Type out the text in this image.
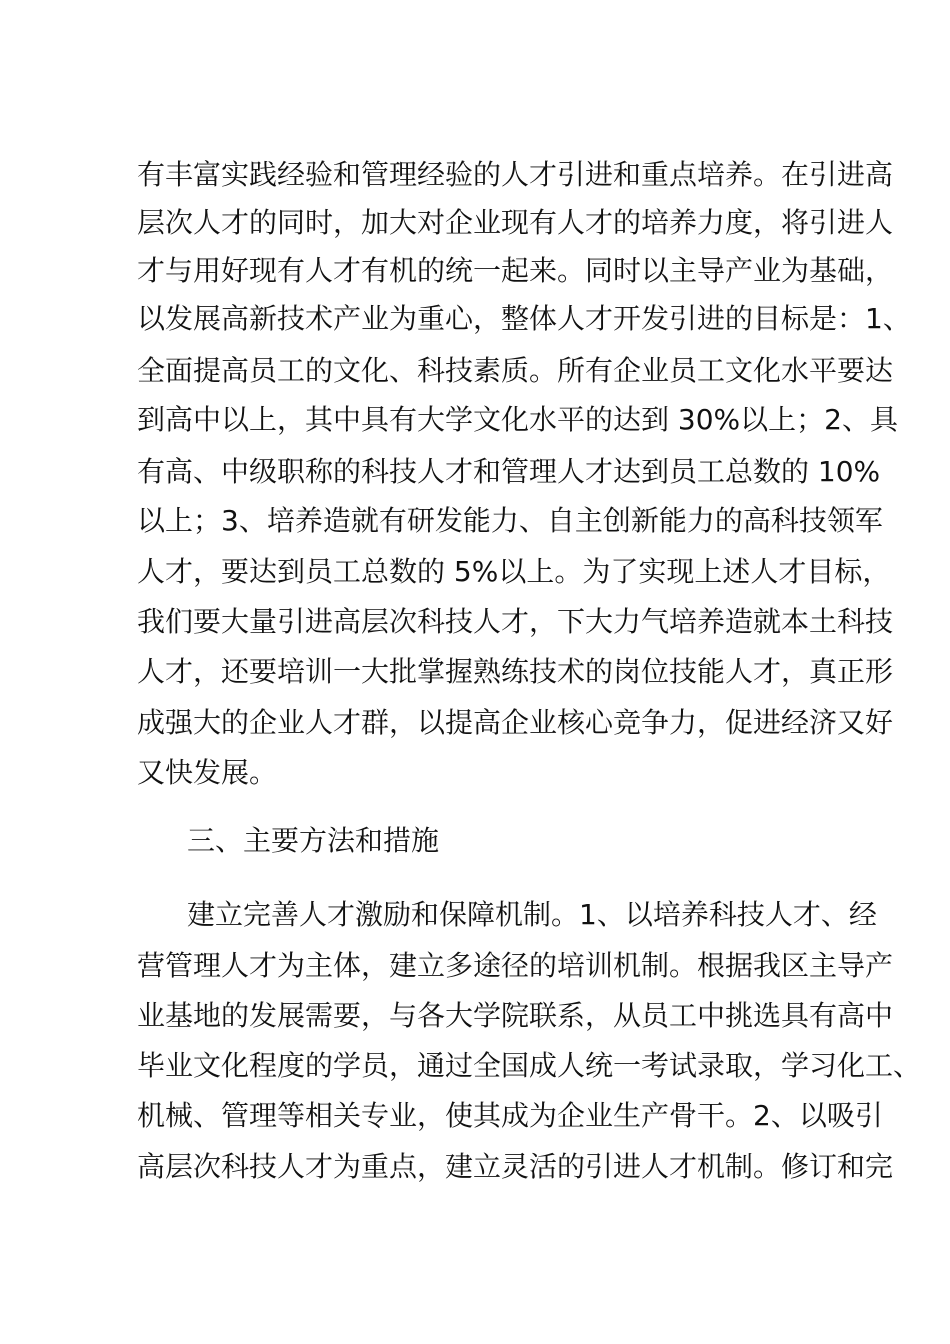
有丰富实践经验和管理经验的人才引进和重点培养。在引进高
层次人才的同时，加大对企业现有人才的培养力度，将引进人
才与用好现有人才有机的统一起来。同时以主导产业为基础，
以发展高新技术产业为重心，整体人才开发引进的目标是：1、
全面提高员工的文化、科技素质。所有企业员工文化水平要达
到高中以上，其中具有大学文化水平的达到 30%以上；2、具
有高、中级职称的科技人才和管理人才达到员工总数的 10%
以上；3、培养造就有研发能力、自主创新能力的高科技领军
人才，要达到员工总数的 5%以上。为了实现上述人才目标，
我们要大量引进高层次科技人才，下大力气培养造就本土科技
人才，还要培训一大批掌握熟练技术的岗位技能人才，真正形
成强大的企业人才群，以提高企业核心竞争力，促进经济又好
又快发展。
三、主要方法和措施
建立完善人才激励和保障机制。1、以培养科技人才、经
营管理人才为主体，建立多途径的培训机制。根据我区主导产
业基地的发展需要，与各大学院联系，从员工中挑选具有高中
毕业文化程度的学员，通过全国成人统一考试录取，学习化工、
机械、管理等相关专业，使其成为企业生产骨干。2、以吸引
高层次科技人才为重点，建立灵活的引进人才机制。修订和完
